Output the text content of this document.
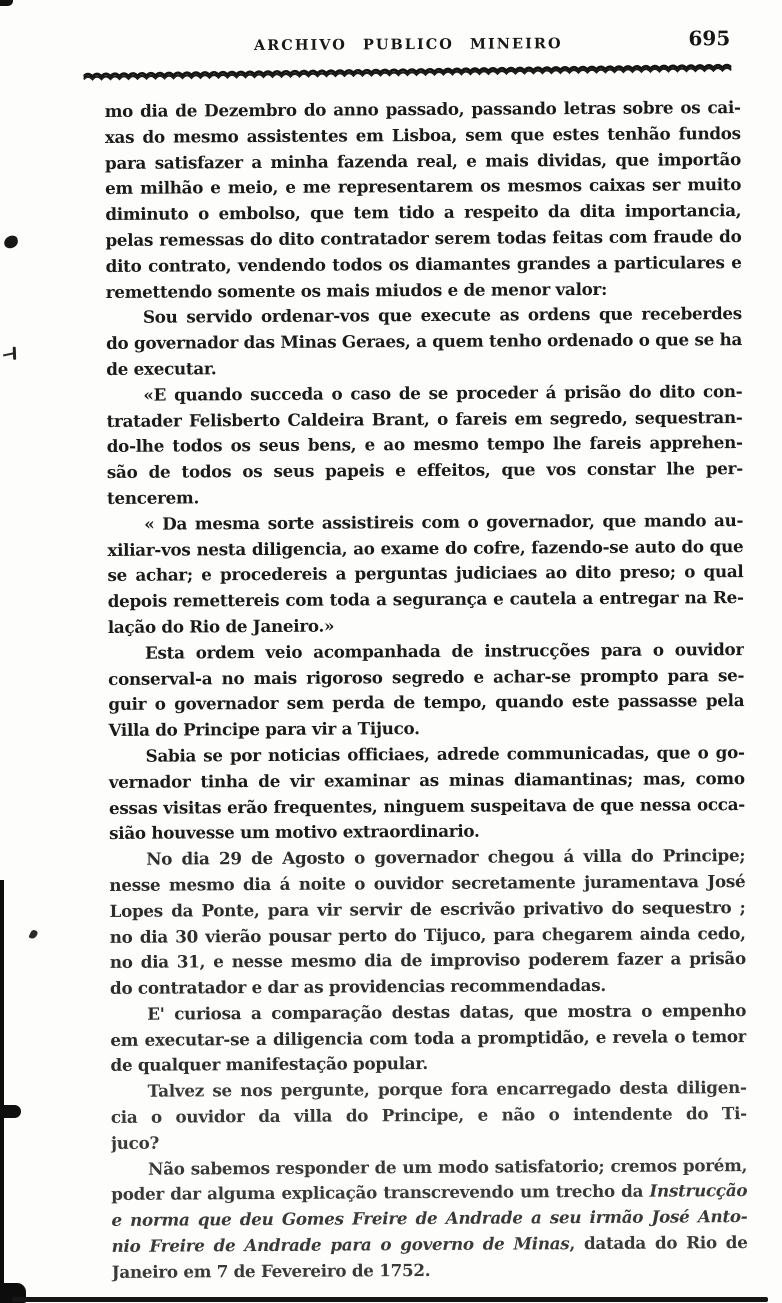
ARCHIVO PUBLICO MINEIRO	695
mo dia de Dezembro do anno passado, passando letras sobre os cai-
xas do mesmo assistentes em Lisboa, sem que estes tenhão fundos
para satisfazer a minha fazenda real, e mais dividas, que importão
em milhão e meio, e me representarem os mesmos caixas ser muito
diminuto o embolso, que tem tido a respeito da dita importancia,
pelas remessas do dito contratador serem todas feitas com fraude do
dito contrato, vendendo todos os diamantes grandes a particulares e
remettendo somente os mais miudos e de menor valor:
Sou servido ordenar-vos que execute as ordens que receberdes
do governador das Minas Geraes, a quem tenho ordenado o que se ha
de executar.
«E quando succeda o caso de se proceder á prisão do dito con-
tratader Felisberto Caldeira Brant, o fareis em segredo, sequestran-
do-lhe todos os seus bens, e ao mesmo tempo lhe fareis apprehen-
são de todos os seus papeis e effeitos, que vos constar lhe per-
tencerem.
« Da mesma sorte assistireis com o governador, que mando au-
xiliar-vos nesta diligencia, ao exame do cofre, fazendo-se auto do que
se achar; e procedereis a perguntas judiciaes ao dito preso; o qual
depois remettereis com toda a segurança e cautela a entregar na Re-
lação do Rio de Janeiro.»
Esta ordem veio acompanhada de instrucções para o ouvidor
conserval-a no mais rigoroso segredo e achar-se prompto para se-
guir o governador sem perda de tempo, quando este passasse pela
Villa do Principe para vir a Tijuco.
Sabia se por noticias officiaes, adrede communicadas, que o go-
vernador tinha de vir examinar as minas diamantinas; mas, como
essas visitas erão frequentes, ninguem suspeitava de que nessa occa-
sião houvesse um motivo extraordinario.
No dia 29 de Agosto o governador chegou á villa do Principe;
nesse mesmo dia á noite o ouvidor secretamente juramentava José
Lopes da Ponte, para vir servir de escrivão privativo do sequestro ;
no dia 30 vierão pousar perto do Tijuco, para chegarem ainda cedo,
no dia 31, e nesse mesmo dia de improviso poderem fazer a prisão
do contratador e dar as providencias recommendadas.
E' curiosa a comparação destas datas, que mostra o empenho
em executar-se a diligencia com toda a promptidão, e revela o temor
de qualquer manifestação popular.
Talvez se nos pergunte, porque fora encarregado desta diligen-
cia o ouvidor da villa do Principe, e não o intendente do Ti-
juco?
Não sabemos responder de um modo satisfatorio; cremos porém,
poder dar alguma explicação transcrevendo um trecho da Instrucção
e norma que deu Gomes Freire de Andrade a seu irmão José Anto-
nio Freire de Andrade para o governo de Minas, datada do Rio de
Janeiro em 7 de Fevereiro de 1752.
